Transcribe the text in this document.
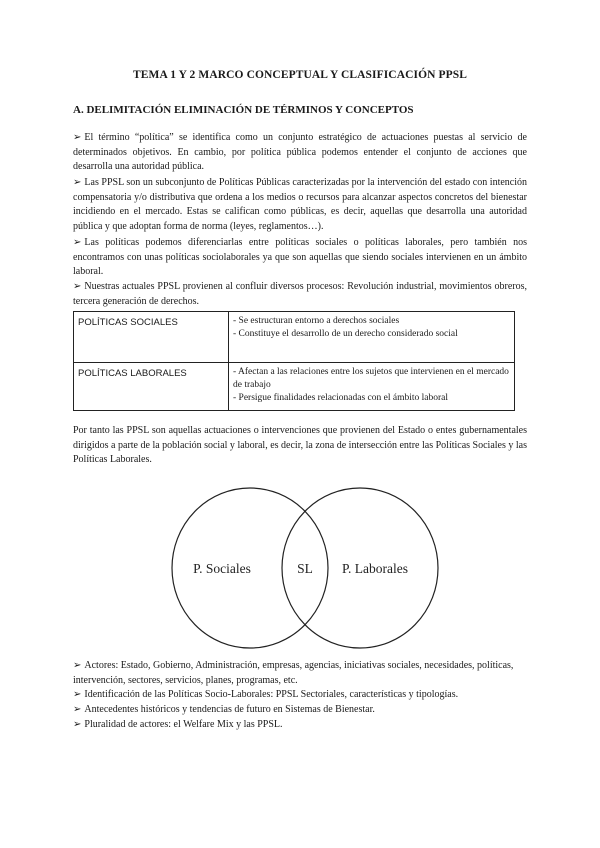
TEMA 1 Y 2 MARCO CONCEPTUAL Y CLASIFICACIÓN PPSL
A. DELIMITACIÓN ELIMINACIÓN DE TÉRMINOS Y CONCEPTOS

➢ El término “política” se identifica como un conjunto estratégico de actuaciones puestas al servicio de determinados objetivos. En cambio, por política pública podemos entender el conjunto de acciones que desarrolla una autoridad pública.

➢ Las PPSL son un subconjunto de Políticas Públicas caracterizadas por la intervención del estado con intención compensatoria y/o distributiva que ordena a los medios o recursos para alcanzar aspectos concretos del bienestar incidiendo en el mercado. Estas se califican como públicas, es decir, aquellas que desarrolla una autoridad pública y que adoptan forma de norma (leyes, reglamentos…).

➢ Las políticas podemos diferenciarlas entre políticas sociales o políticas laborales, pero también nos encontramos con unas políticas sociolaborales ya que son aquellas que siendo sociales intervienen en un ámbito laboral.

➢ Nuestras actuales PPSL provienen al confluir diversos procesos: Revolución industrial, movimientos obreros, tercera generación de derechos.

POLÍTICAS SOCIALES	- Se estructuran entorno a derechos sociales
- Constituye el desarrollo de un derecho considerado social

POLÍTICAS LABORALES	- Afectan a las relaciones entre los sujetos que intervienen en el mercado de trabajo
- Persigue finalidades relacionadas con el ámbito laboral

Por tanto las PPSL son aquellas actuaciones o intervenciones que provienen del Estado o entes gubernamentales dirigidos a parte de la población social y laboral, es decir, la zona de intersección entre las Políticas Sociales y las Políticas Laborales.

P. Sociales	SL P. Laborales
➢ Actores: Estado, Gobierno, Administración, empresas, agencias, iniciativas sociales, necesidades, políticas, intervención, sectores, servicios, planes, programas, etc.
➢ Identificación de las Políticas Socio-Laborales: PPSL Sectoriales, características y tipologías.
➢ Antecedentes históricos y tendencias de futuro en Sistemas de Bienestar.
➢ Pluralidad de actores: el Welfare Mix y las PPSL.
